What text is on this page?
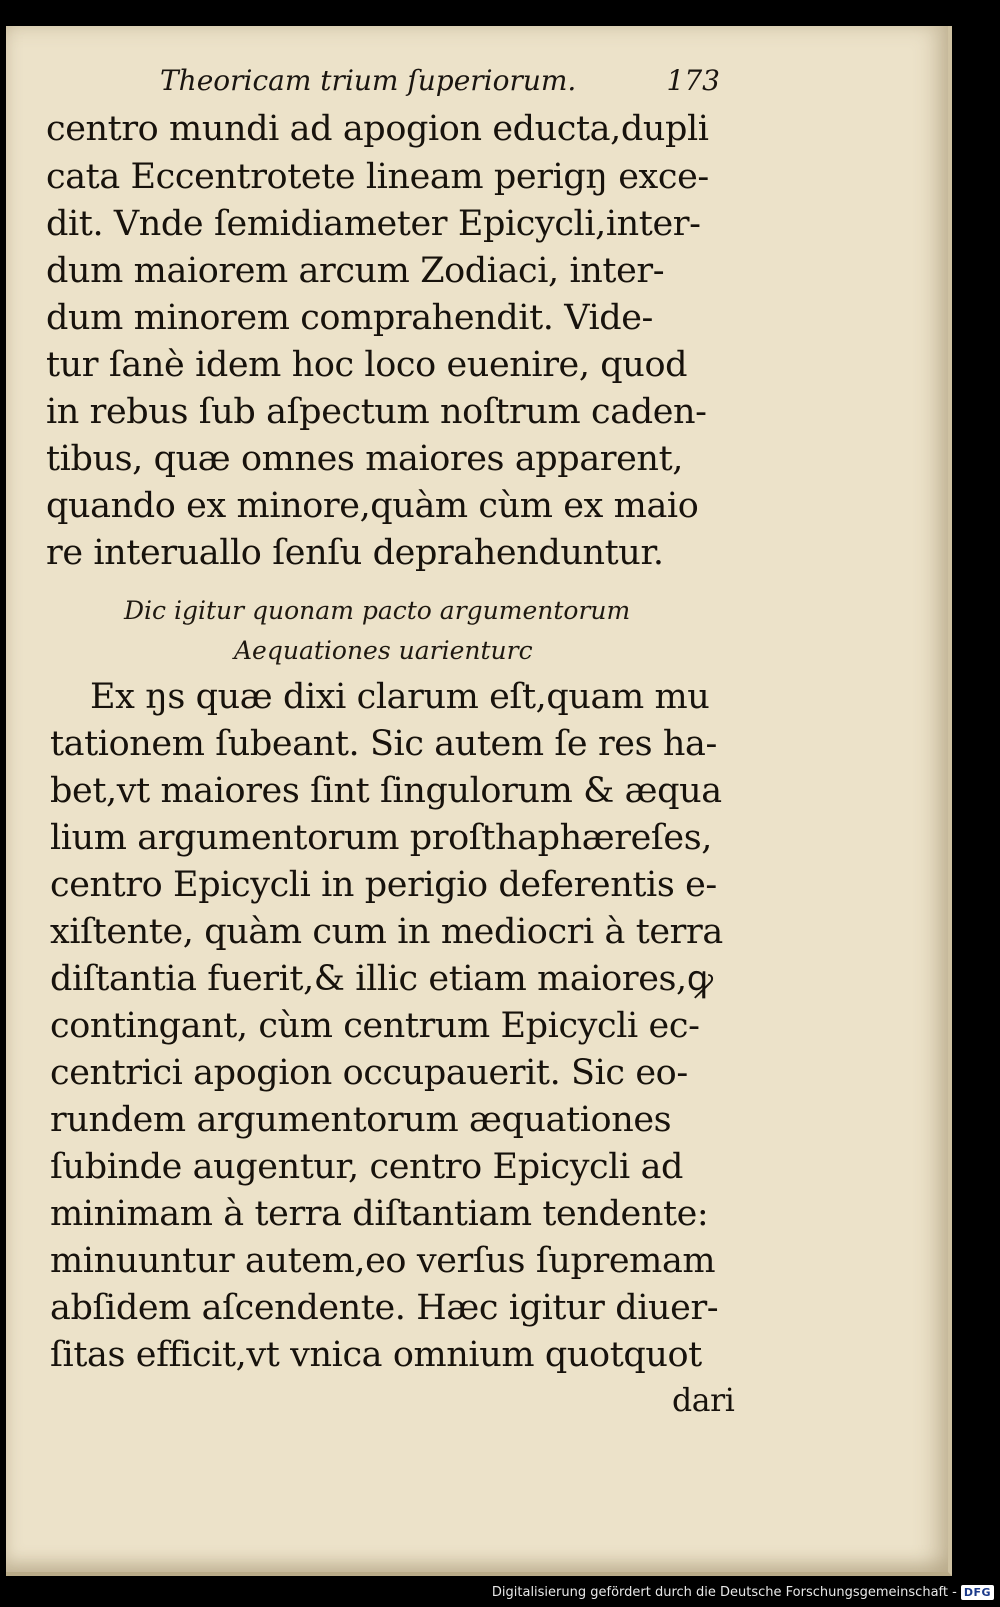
Theoricam trium ſuperiorum.	173
centro mundi ad apogion educta,dupli
cata Eccentrotete lineam perigŋ exce-
dit. Vnde ſemidiameter Epicycli,inter-
dum maiorem arcum Zodiaci, inter-
dum minorem comprahendit. Vide-
tur ſanè idem hoc loco euenire, quod
in rebus ſub aſpectum noſtrum caden-
tibus, quæ omnes maiores apparent,
quando ex minore,quàm cùm ex maio
re interuallo ſenſu deprahenduntur.
Dic igitur quonam pacto argumentorum
Aequationes uarienturc
Ex ŋs quæ dixi clarum eſt,quam mu
tationem ſubeant. Sic autem ſe res ha-
bet,vt maiores ſint ſingulorum & æqua
lium argumentorum proſthaphæreſes,
centro Epicycli in perigio deferentis e-
xiſtente, quàm cum in mediocri à terra
diſtantia fuerit,& illic etiam maiores,ꝙ
contingant, cùm centrum Epicycli ec-
centrici apogion occupauerit. Sic eo-
rundem argumentorum æquationes
ſubinde augentur, centro Epicycli ad
minimam à terra diſtantiam tendente:
minuuntur autem,eo verſus ſupremam
abſidem aſcendente. Hæc igitur diuer-
ſitas efficit,vt vnica omnium quotquot
dari
Digitalisierung gefördert durch die Deutsche Forschungsgemeinschaft - DFG
